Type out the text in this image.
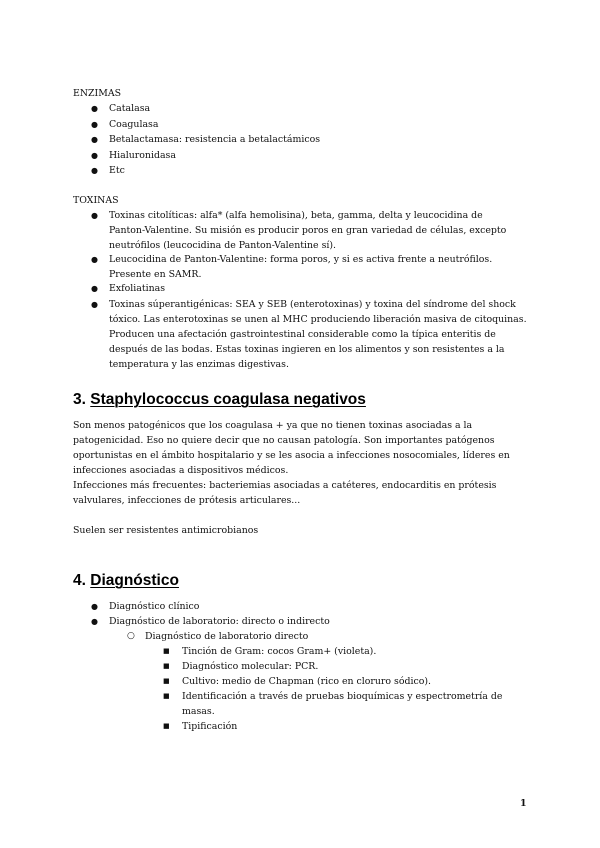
ENZIMAS
● Catalasa
● Coagulasa
● Betalactamasa: resistencia a betalactámicos
● Hialuronidasa
● Etc
TOXINAS
● Toxinas citolíticas: alfa* (alfa hemolisina), beta, gamma, delta y leucocidina de
Panton-Valentine. Su misión es producir poros en gran variedad de células, excepto
neutrófilos (leucocidina de Panton-Valentine sí).
● Leucocidina de Panton-Valentine: forma poros, y si es activa frente a neutrófilos.
Presente en SAMR.
● Exfoliatinas
● Toxinas súperantigénicas: SEA y SEB (enterotoxinas) y toxina del síndrome del shock
tóxico. Las enterotoxinas se unen al MHC produciendo liberación masiva de citoquinas.
Producen una afectación gastrointestinal considerable como la típica enteritis de
después de las bodas. Estas toxinas ingieren en los alimentos y son resistentes a la
temperatura y las enzimas digestivas.
3. Staphylococcus coagulasa negativos
Son menos patogénicos que los coagulasa + ya que no tienen toxinas asociadas a la
patogenicidad. Eso no quiere decir que no causan patología. Son importantes patógenos
oportunistas en el ámbito hospitalario y se les asocia a infecciones nosocomiales, líderes en
infecciones asociadas a dispositivos médicos.
Infecciones más frecuentes: bacteriemias asociadas a catéteres, endocarditis en prótesis
valvulares, infecciones de prótesis articulares...
Suelen ser resistentes antimicrobianos
4. Diagnóstico
● Diagnóstico clínico
● Diagnóstico de laboratorio: directo o indirecto
○ Diagnóstico de laboratorio directo
■ Tinción de Gram: cocos Gram+ (violeta).
■ Diagnóstico molecular: PCR.
■ Cultivo: medio de Chapman (rico en cloruro sódico).
■ Identificación a través de pruebas bioquímicas y espectrometría de
masas.
■ Tipificación
1
